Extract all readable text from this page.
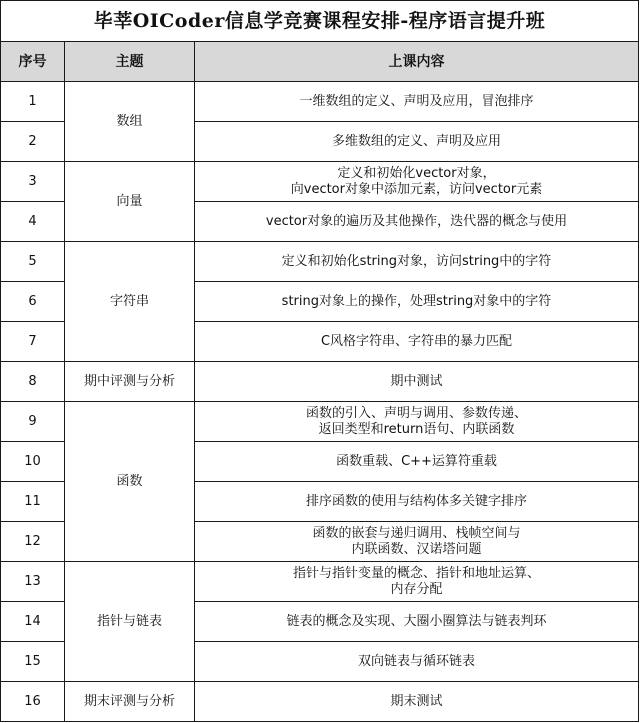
毕莘OICoder信息学竞赛课程安排-程序语言提升班		
序号	主题	上课内容
1	数组	一维数组的定义、声明及应用，冒泡排序
2		多维数组的定义、声明及应用
3	向量	定义和初始化vector对象，
向vector对象中添加元素，访问vector元素
4		vector对象的遍历及其他操作，迭代器的概念与使用
5	字符串	定义和初始化string对象，访问string中的字符
6		string对象上的操作，处理string对象中的字符
7		C风格字符串、字符串的暴力匹配
8	期中评测与分析	期中测试
9	函数	函数的引入、声明与调用、参数传递、
返回类型和return语句、内联函数
10		函数重载、C++运算符重载
11		排序函数的使用与结构体多关键字排序
12		函数的嵌套与递归调用、栈帧空间与
内联函数、汉诺塔问题
13	指针与链表	指针与指针变量的概念、指针和地址运算、
内存分配
14		链表的概念及实现、大圈小圈算法与链表判环
15		双向链表与循环链表
16	期末评测与分析	期末测试
